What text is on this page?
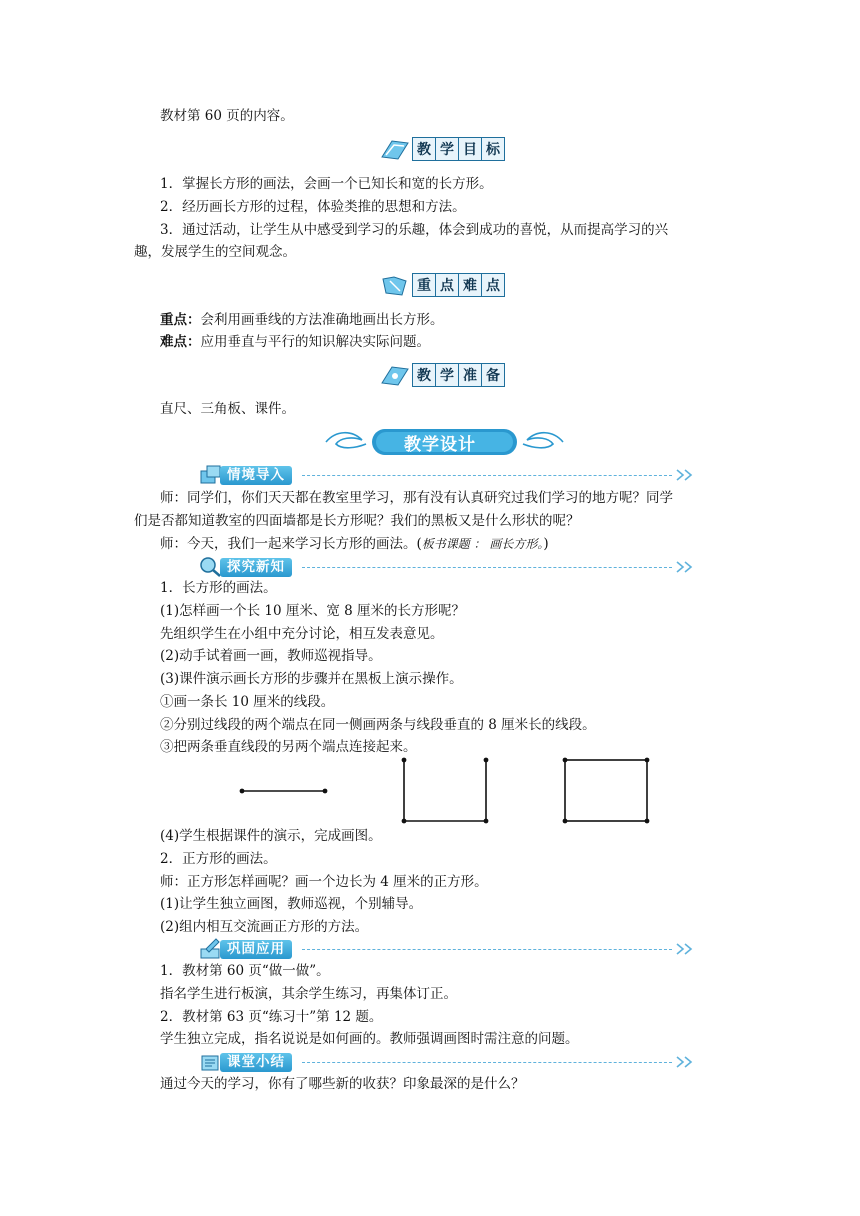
教材第 60 页的内容。
教 学 目 标
1．掌握长方形的画法，会画一个已知长和宽的长方形。
2．经历画长方形的过程，体验类推的思想和方法。
3．通过活动，让学生从中感受到学习的乐趣，体会到成功的喜悦，从而提高学习的兴
趣，发展学生的空间观念。
重 点 难 点
重点：会利用画垂线的方法准确地画出长方形。
难点：应用垂直与平行的知识解决实际问题。
教 学 准 备
直尺、三角板、课件。
教学设计
情境导入
师：同学们，你们天天都在教室里学习，那有没有认真研究过我们学习的地方呢？同学
们是否都知道教室的四面墙都是长方形呢？我们的黑板又是什么形状的呢？
师：今天，我们一起来学习长方形的画法。(板书课题 ： 画长方形。)
探究新知
1．长方形的画法。
(1)怎样画一个长 10 厘米、宽 8 厘米的长方形呢？
先组织学生在小组中充分讨论，相互发表意见。
(2)动手试着画一画，教师巡视指导。
(3)课件演示画长方形的步骤并在黑板上演示操作。
①画一条长 10 厘米的线段。
②分别过线段的两个端点在同一侧画两条与线段垂直的 8 厘米长的线段。
③把两条垂直线段的另两个端点连接起来。
(4)学生根据课件的演示，完成画图。
2．正方形的画法。
师：正方形怎样画呢？画一个边长为 4 厘米的正方形。
(1)让学生独立画图，教师巡视，个别辅导。
(2)组内相互交流画正方形的方法。
巩固应用
1．教材第 60 页“做一做”。
指名学生进行板演，其余学生练习，再集体订正。
2．教材第 63 页“练习十”第 12 题。
学生独立完成，指名说说是如何画的。教师强调画图时需注意的问题。
课堂小结
通过今天的学习，你有了哪些新的收获？印象最深的是什么？
